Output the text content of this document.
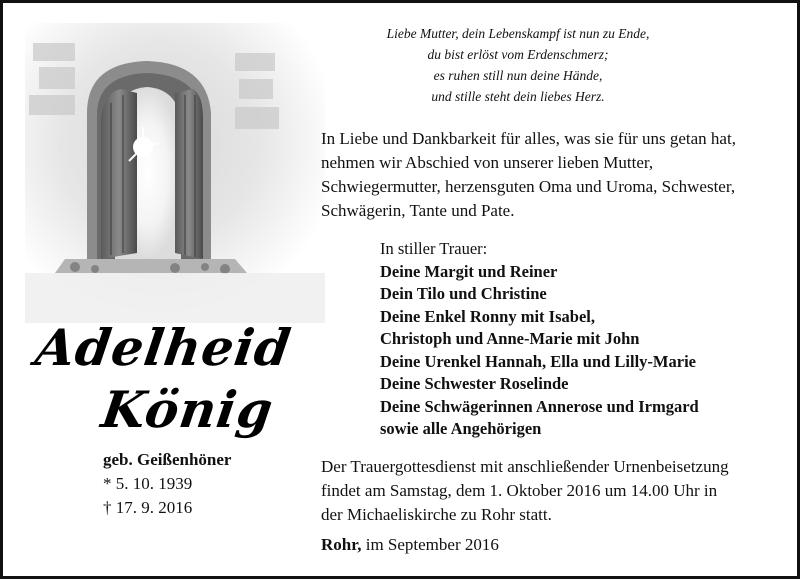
Liebe Mutter, dein Lebenskampf ist nun zu Ende,
du bist erlöst vom Erdenschmerz;
es ruhen still nun deine Hände,
und stille steht dein liebes Herz.
In Liebe und Dankbarkeit für alles, was sie für uns getan hat,
nehmen wir Abschied von unserer lieben Mutter,
Schwiegermutter, herzensguten Oma und Uroma, Schwester,
Schwägerin, Tante und Pate.
In stiller Trauer:
Deine Margit und Reiner
Dein Tilo und Christine
Deine Enkel Ronny mit Isabel,
Christoph und Anne-Marie mit John
Deine Urenkel Hannah, Ella und Lilly-Marie
Deine Schwester Roselinde
Deine Schwägerinnen Annerose und Irmgard
sowie alle Angehörigen
Adelheid
König
geb. Geißenhöner
* 5. 10. 1939
† 17. 9. 2016
Der Trauergottesdienst mit anschließender Urnenbeisetzung
findet am Samstag, dem 1. Oktober 2016 um 14.00 Uhr in
der Michaeliskirche zu Rohr statt.
Rohr, im September 2016
